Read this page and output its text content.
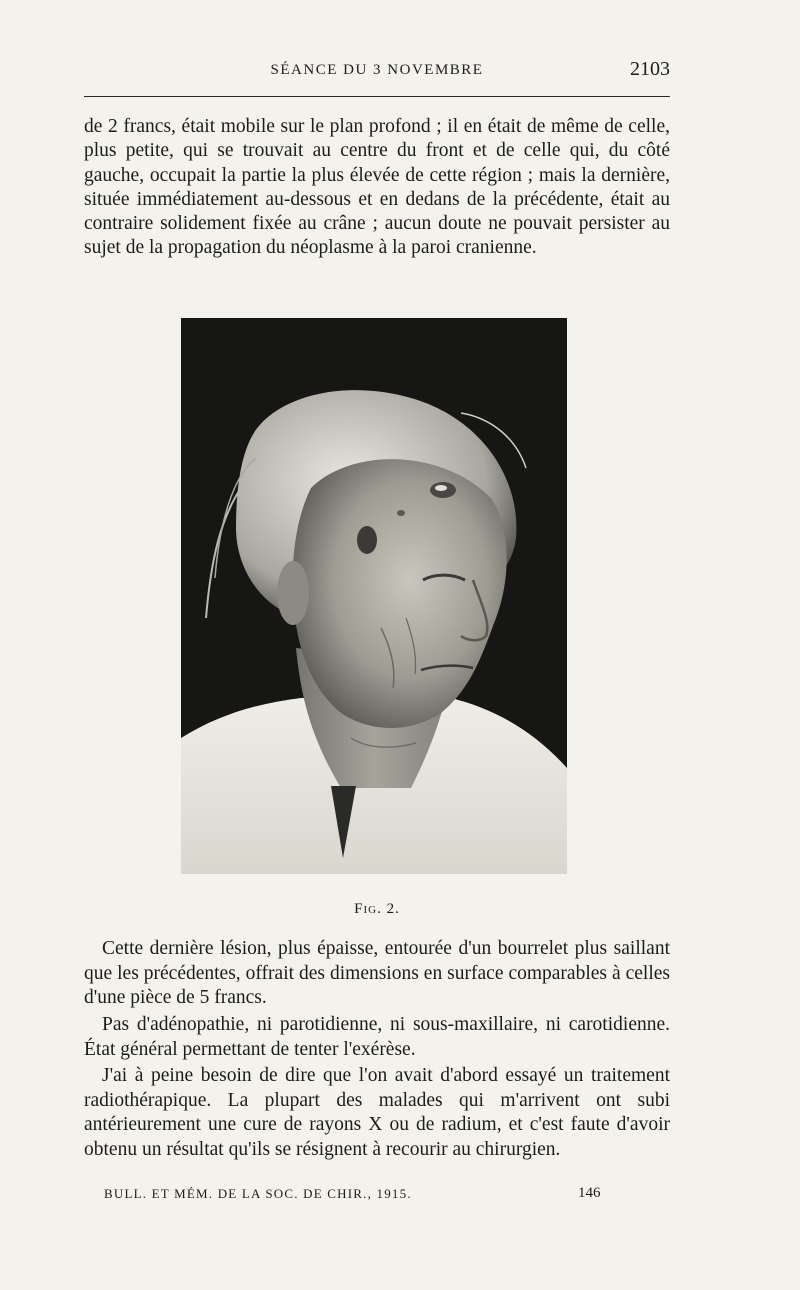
SÉANCE DU 3 NOVEMBRE	2103

de 2 francs, était mobile sur le plan profond ; il en était de même de celle, plus petite, qui se trouvait au centre du front et de celle qui, du côté gauche, occupait la partie la plus élevée de cette région ; mais la dernière, située immédiatement au-dessous et en dedans de la précédente, était au contraire solidement fixée au crâne ; aucun doute ne pouvait persister au sujet de la propagation du néoplasme à la paroi cranienne.

Fig. 2.

Cette dernière lésion, plus épaisse, entourée d'un bourrelet plus saillant que les précédentes, offrait des dimensions en surface comparables à celles d'une pièce de 5 francs.

Pas d'adénopathie, ni parotidienne, ni sous-maxillaire, ni carotidienne. État général permettant de tenter l'exérèse.

J'ai à peine besoin de dire que l'on avait d'abord essayé un traitement radiothérapique. La plupart des malades qui m'arrivent ont subi antérieurement une cure de rayons X ou de radium, et c'est faute d'avoir obtenu un résultat qu'ils se résignent à recourir au chirurgien.

BULL. ET MÉM. DE LA SOC. DE CHIR., 1915.	146
